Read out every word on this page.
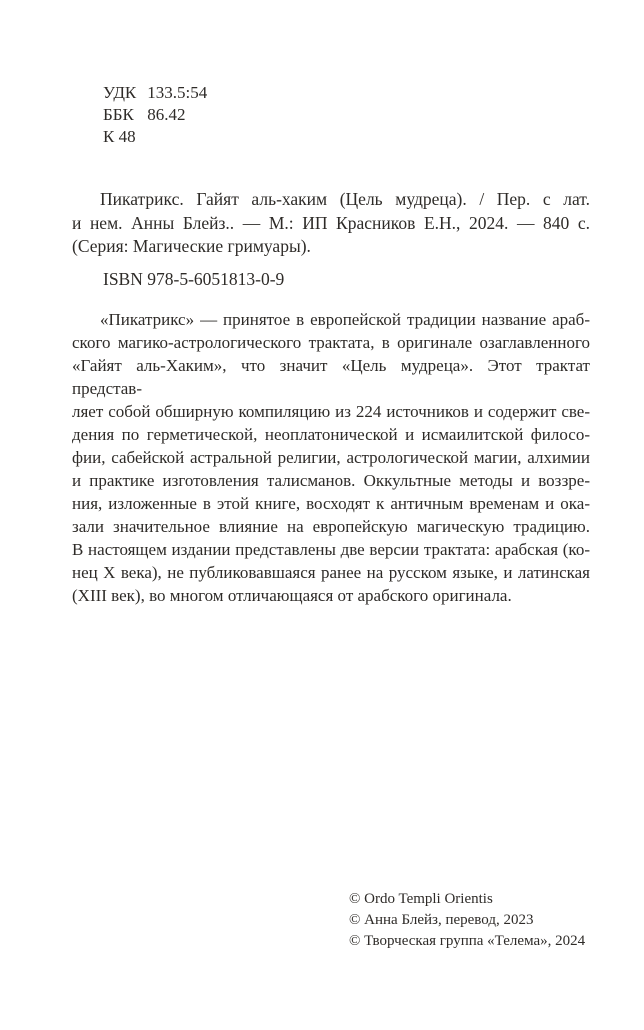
УДК 133.5:54
ББК 86.42
К 48
Пикатрикс. Гайят аль-хаким (Цель мудреца). / Пер. с лат.
и нем. Анны Блейз.. — М.: ИП Красников Е.Н., 2024. — 840 с.
(Серия: Магические гримуары).
ISBN 978-5-6051813-0-9
«Пикатрикс» — принятое в европейской традиции название араб-
ского магико-астрологического трактата, в оригинале озаглавленного
«Гайят аль-Хаким», что значит «Цель мудреца». Этот трактат представ-
ляет собой обширную компиляцию из 224 источников и содержит све-
дения по герметической, неоплатонической и исмаилитской филосо-
фии, сабейской астральной религии, астрологической магии, алхимии
и практике изготовления талисманов. Оккультные методы и воззре-
ния, изложенные в этой книге, восходят к античным временам и ока-
зали значительное влияние на европейскую магическую традицию.
В настоящем издании представлены две версии трактата: арабская (ко-
нец X века), не публиковавшаяся ранее на русском языке, и латинская
(XIII век), во многом отличающаяся от арабского оригинала.
© Ordo Templi Orientis
© Анна Блейз, перевод, 2023
© Творческая группа «Телема», 2024
